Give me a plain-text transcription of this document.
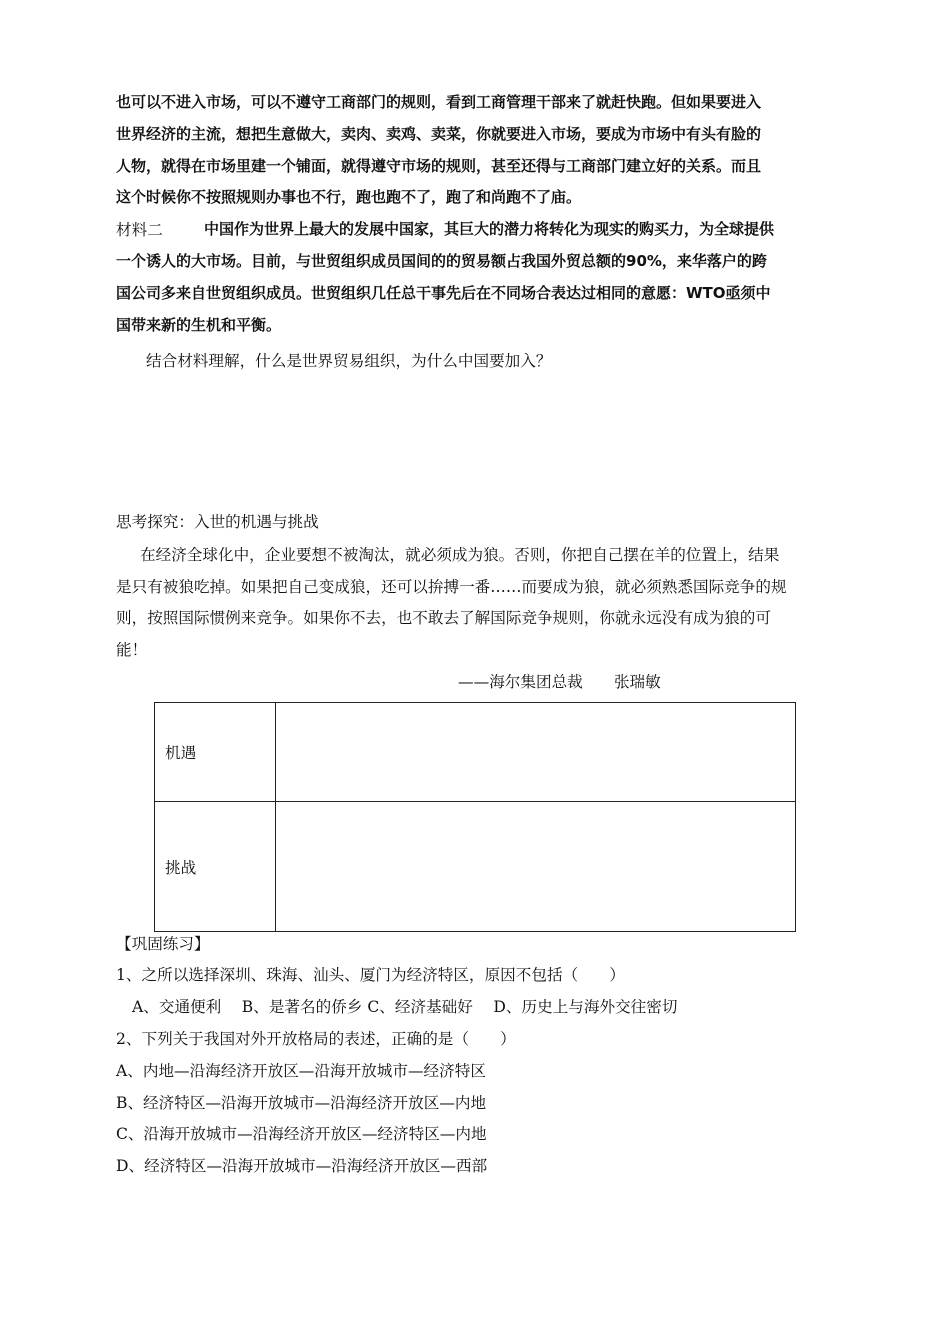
也可以不进入市场，可以不遵守工商部门的规则，看到工商管理干部来了就赶快跑。但如果要进入
世界经济的主流，想把生意做大，卖肉、卖鸡、卖菜，你就要进入市场，要成为市场中有头有脸的
人物，就得在市场里建一个铺面，就得遵守市场的规则，甚至还得与工商部门建立好的关系。而且
这个时候你不按照规则办事也不行，跑也跑不了，跑了和尚跑不了庙。
材料二	中国作为世界上最大的发展中国家，其巨大的潜力将转化为现实的购买力，为全球提供
一个诱人的大市场。目前，与世贸组织成员国间的的贸易额占我国外贸总额的90%，来华落户的跨
国公司多来自世贸组织成员。世贸组织几任总干事先后在不同场合表达过相同的意愿：WTO亟须中
国带来新的生机和平衡。
结合材料理解，什么是世界贸易组织，为什么中国要加入？
思考探究：入世的机遇与挑战
在经济全球化中，企业要想不被淘汰，就必须成为狼。否则，你把自己摆在羊的位置上，结果
是只有被狼吃掉。如果把自己变成狼，还可以拚搏一番……而要成为狼，就必须熟悉国际竞争的规
则，按照国际惯例来竞争。如果你不去，也不敢去了解国际竞争规则，你就永远没有成为狼的可
能！
——海尔集团总裁　　张瑞敏
机遇	
挑战	
【巩固练习】
1、之所以选择深圳、珠海、汕头、厦门为经济特区，原因不包括（　　）
A、交通便利　 B、是著名的侨乡 C、经济基础好　 D、历史上与海外交往密切
2、下列关于我国对外开放格局的表述，正确的是（　　）
A、内地—沿海经济开放区—沿海开放城市—经济特区
B、经济特区—沿海开放城市—沿海经济开放区—内地
C、沿海开放城市—沿海经济开放区—经济特区—内地
D、经济特区—沿海开放城市—沿海经济开放区—西部
